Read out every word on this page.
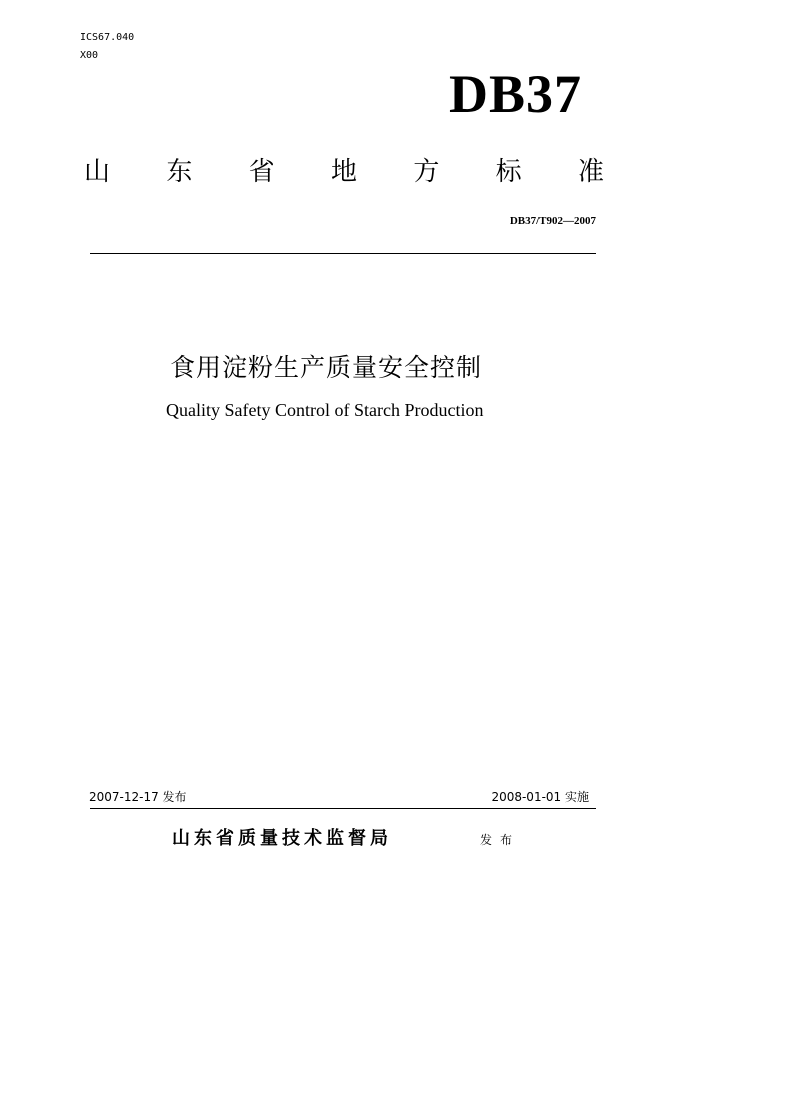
ICS67.040
X00
DB37
山 东 省 地 方 标 准
DB37/T902—2007
食用淀粉生产质量安全控制
Quality Safety Control of Starch Production
2007-12-17 发布	2008-01-01 实施
山东省质量技术监督局	发布
